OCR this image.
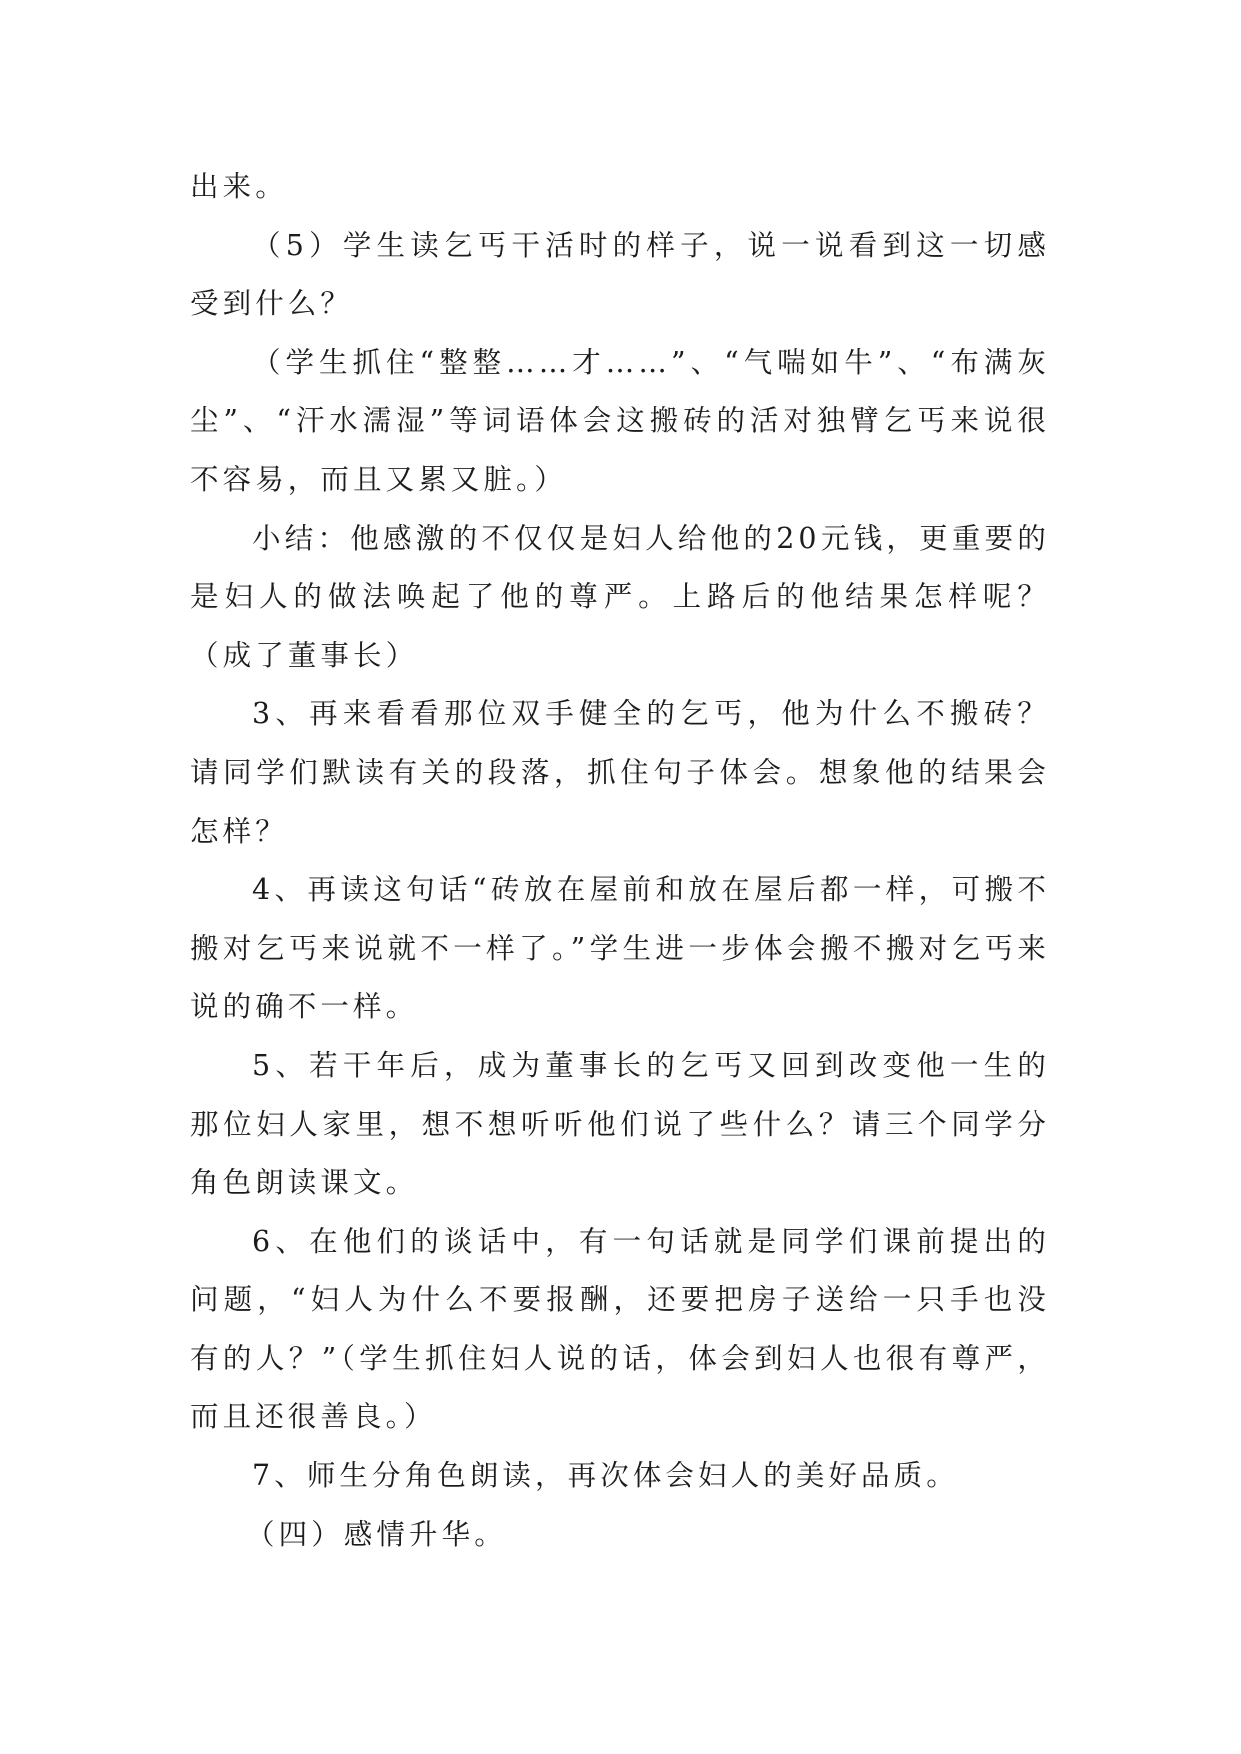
出来。

（5）学生读乞丐干活时的样子，说一说看到这一切感受到什么？

（学生抓住“整整……才……”、“气喘如牛”、“布满灰尘”、“汗水濡湿”等词语体会这搬砖的活对独臂乞丐来说很不容易，而且又累又脏。）

小结：他感激的不仅仅是妇人给他的20元钱，更重要的是妇人的做法唤起了他的尊严。上路后的他结果怎样呢？（成了董事长）

3、再来看看那位双手健全的乞丐，他为什么不搬砖？请同学们默读有关的段落，抓住句子体会。想象他的结果会怎样？

4、再读这句话“砖放在屋前和放在屋后都一样，可搬不搬对乞丐来说就不一样了。”学生进一步体会搬不搬对乞丐来说的确不一样。

5、若干年后，成为董事长的乞丐又回到改变他一生的那位妇人家里，想不想听听他们说了些什么？请三个同学分角色朗读课文。

6、在他们的谈话中，有一句话就是同学们课前提出的问题，“妇人为什么不要报酬，还要把房子送给一只手也没有的人？”（学生抓住妇人说的话，体会到妇人也很有尊严，而且还很善良。）

7、师生分角色朗读，再次体会妇人的美好品质。

（四）感情升华。
